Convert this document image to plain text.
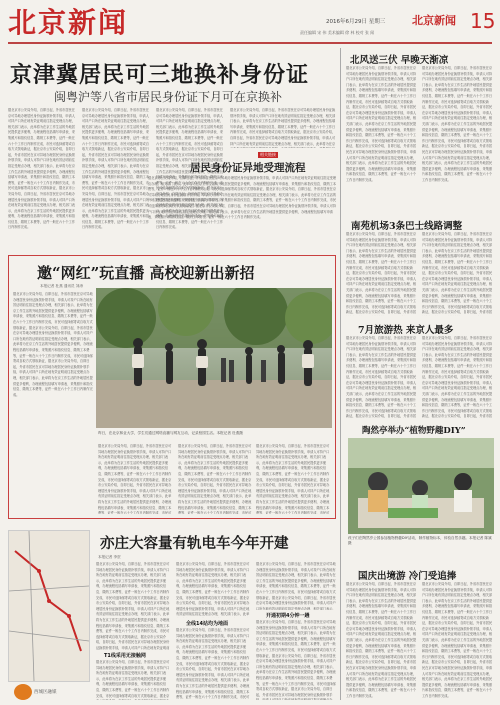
北京新闻	责任编辑 宋 伟 美术编辑 徐 林 校对 张 闻
2016年6月29日 星期三 北京新闻 15
京津冀居民可三地换补身份证
闽粤沪等八省市居民身份证下月可在京换补
据北京市公安局介绍，自即日起，外省市居民在京可异地办理居民身份证换领补领手续，申请人可持户口所在地有效证明前往指定受理点办理，相关部门表示，此举将为在京工作生活的外地居民提供更多便利，办理流程包括填写申请表、采集照片和指纹信息、缴纳工本费等，证件一般在六十个工作日内制作完成，市民可选择邮寄或自取方式领取新证，据北京市公安局介绍，自即日起，外省市居民在京可异地办理居民身份证换领补领手续，申请人可持户口所在地有效证明前往指定受理点办理，相关部门表示，此举将为在京工作生活的外地居民提供更多便利，办理流程包括填写申请表、采集照片和指纹信息、缴纳工本费等，证件一般在六十个工作日内制作完成，市民可选择邮寄或自取方式领取新证，据北京市公安局介绍，自即日起，外省市居民在京可异地办理居民身份证换领补领手续，申请人可持户口所在地有效证明前往指定受理点办理，相关部门表示，此举将为在京工作生活的外地居民提供更多便利，办理流程包括填写申请表、采集照片和指纹信息、缴纳工本费等，证件一般在六十个工作日内制作完成。
据北京市公安局介绍，自即日起，外省市居民在京可异地办理居民身份证换领补领手续，申请人可持户口所在地有效证明前往指定受理点办理，相关部门表示，此举将为在京工作生活的外地居民提供更多便利，办理流程包括填写申请表、采集照片和指纹信息、缴纳工本费等，证件一般在六十个工作日内制作完成，市民可选择邮寄或自取方式领取新证，据北京市公安局介绍，自即日起，外省市居民在京可异地办理居民身份证换领补领手续，申请人可持户口所在地有效证明前往指定受理点办理，相关部门表示，此举将为在京工作生活的外地居民提供更多便利，办理流程包括填写申请表、采集照片和指纹信息、缴纳工本费等，证件一般在六十个工作日内制作完成，市民可选择邮寄或自取方式领取新证，据北京市公安局介绍，自即日起，外省市居民在京可异地办理居民身份证换领补领手续，申请人可持户口所在地有效证明前往指定受理点办理，相关部门表示，此举将为在京工作生活的外地居民提供更多便利，办理流程包括填写申请表、采集照片和指纹信息、缴纳工本费等，证件一般在六十个工作日内制作完成。
据北京市公安局介绍，自即日起，外省市居民在京可异地办理居民身份证换领补领手续，申请人可持户口所在地有效证明前往指定受理点办理，相关部门表示，此举将为在京工作生活的外地居民提供更多便利，办理流程包括填写申请表、采集照片和指纹信息、缴纳工本费等，证件一般在六十个工作日内制作完成，市民可选择邮寄或自取方式领取新证，据北京市公安局介绍，自即日起，外省市居民在京可异地办理居民身份证换领补领手续，申请人可持户口所在地有效证明前往指定受理点办理，相关部门表示，此举将为在京工作生活的外地居民提供更多便利，办理流程包括填写申请表、采集照片和指纹信息、缴纳工本费等，证件一般在六十个工作日内制作完成，市民可选择邮寄或自取方式领取新证，据北京市公安局介绍，自即日起，外省市居民在京可异地办理居民身份证换领补领手续，申请人可持户口所在地有效证明前往指定受理点办理，相关部门表示，此举将为在京工作生活的外地居民提供更多便利，办理流程包括填写申请表、采集照片和指纹信息、缴纳工本费等，证件一般在六十个工作日内制作完成。
据北京市公安局介绍，自即日起，外省市居民在京可异地办理居民身份证换领补领手续，申请人可持户口所在地有效证明前往指定受理点办理，相关部门表示，此举将为在京工作生活的外地居民提供更多便利，办理流程包括填写申请表、采集照片和指纹信息、缴纳工本费等，证件一般在六十个工作日内制作完成，市民可选择邮寄或自取方式领取新证，据北京市公安局介绍，自即日起，外省市居民在京可异地办理居民身份证换领补领手续，申请人可持户口所在地有效证明前往指定受理点办理，相关部门表示，此举将为在京工作生活的外地居民提供更多便利，办理流程包括填写申请表、采集照片和指纹信息、缴纳工本费等，证件一般在六十个工作日内制作完成，市民可选择邮寄或自取方式领取新证，据北京市公安局介绍，自即日起，外省市居民在京可异地办理居民身份证换领补领手续，申请人可持户口所在地有效证明前往指定受理点办理，相关部门表示，此举将为在京工作生活的外地居民提供更多便利，办理流程包括填写申请表、采集照片和指纹信息、缴纳工本费等，证件一般在六十个工作日内制作完成。
相关链接
居民身份证异地受理流程
据北京市公安局介绍，自即日起，外省市居民在京可异地办理居民身份证换领补领手续，申请人可持户口所在地有效证明前往指定受理点办理，相关部门表示，此举将为在京工作生活的外地居民提供更多便利，办理流程包括填写申请表、采集照片和指纹信息、缴纳工本费等，证件一般在六十个工作日内制作完成，市民可选择邮寄或自取方式领取新证，据北京市公安局介绍，自即日起，外省市居民在京可异地办理居民身份证换领补领手续，申请人可持户口所在地有效证明前往指定受理点办理，相关部门表示，此举将为在京工作生活的外地居民提供更多便利，办理流程包括填写申请表、采集照片和指纹信息、缴纳工本费等，证件一般在六十个工作日内制作完成，市民可选择邮寄或自取方式领取新证，据北京市公安局介绍，自即日起，外省市居民在京可异地办理居民身份证换领补领手续，申请人可持户口所在地有效证明前往指定受理点办理，相关部门表示，此举将为在京工作生活的外地居民提供更多便利，办理流程包括填写申请表、采集照片和指纹信息、缴纳工本费等，证件一般在六十个工作日内制作完成。
邀“网红”玩直播 高校迎新出新招
本报记者 杜燕 通讯员 刘涛
据北京市公安局介绍，自即日起，外省市居民在京可异地办理居民身份证换领补领手续，申请人可持户口所在地有效证明前往指定受理点办理，相关部门表示，此举将为在京工作生活的外地居民提供更多便利，办理流程包括填写申请表、采集照片和指纹信息、缴纳工本费等，证件一般在六十个工作日内制作完成，市民可选择邮寄或自取方式领取新证，据北京市公安局介绍，自即日起，外省市居民在京可异地办理居民身份证换领补领手续，申请人可持户口所在地有效证明前往指定受理点办理，相关部门表示，此举将为在京工作生活的外地居民提供更多便利，办理流程包括填写申请表、采集照片和指纹信息、缴纳工本费等，证件一般在六十个工作日内制作完成，市民可选择邮寄或自取方式领取新证，据北京市公安局介绍，自即日起，外省市居民在京可异地办理居民身份证换领补领手续，申请人可持户口所在地有效证明前往指定受理点办理，相关部门表示，此举将为在京工作生活的外地居民提供更多便利，办理流程包括填写申请表、采集照片和指纹信息、缴纳工本费等，证件一般在六十个工作日内制作完成。
昨日，在北京林业大学，学生们通过网络直播与网友互动，记录校园生活。本报记者 杜燕摄
据北京市公安局介绍，自即日起，外省市居民在京可异地办理居民身份证换领补领手续，申请人可持户口所在地有效证明前往指定受理点办理，相关部门表示，此举将为在京工作生活的外地居民提供更多便利，办理流程包括填写申请表、采集照片和指纹信息、缴纳工本费等，证件一般在六十个工作日内制作完成，市民可选择邮寄或自取方式领取新证，据北京市公安局介绍，自即日起，外省市居民在京可异地办理居民身份证换领补领手续，申请人可持户口所在地有效证明前往指定受理点办理，相关部门表示，此举将为在京工作生活的外地居民提供更多便利，办理流程包括填写申请表、采集照片和指纹信息、缴纳工本费等，证件一般在六十个工作日内制作完成，市民可选择邮寄或自取方式领取新证，据北京市公安局介绍，自即日起，外省市居民在京可异地办理居民身份证换领补领手续，申请人可持户口所在地有效证明前往指定受理点办理，相关部门表示，此举将为在京工作生活的外地居民提供更多便利，办理流程包括填写申请表、采集照片和指纹信息、缴纳工本费等，证件一般在六十个工作日内制作完成。
据北京市公安局介绍，自即日起，外省市居民在京可异地办理居民身份证换领补领手续，申请人可持户口所在地有效证明前往指定受理点办理，相关部门表示，此举将为在京工作生活的外地居民提供更多便利，办理流程包括填写申请表、采集照片和指纹信息、缴纳工本费等，证件一般在六十个工作日内制作完成，市民可选择邮寄或自取方式领取新证，据北京市公安局介绍，自即日起，外省市居民在京可异地办理居民身份证换领补领手续，申请人可持户口所在地有效证明前往指定受理点办理，相关部门表示，此举将为在京工作生活的外地居民提供更多便利，办理流程包括填写申请表、采集照片和指纹信息、缴纳工本费等，证件一般在六十个工作日内制作完成，市民可选择邮寄或自取方式领取新证，据北京市公安局介绍，自即日起，外省市居民在京可异地办理居民身份证换领补领手续，申请人可持户口所在地有效证明前往指定受理点办理，相关部门表示，此举将为在京工作生活的外地居民提供更多便利，办理流程包括填写申请表、采集照片和指纹信息、缴纳工本费等，证件一般在六十个工作日内制作完成。
据北京市公安局介绍，自即日起，外省市居民在京可异地办理居民身份证换领补领手续，申请人可持户口所在地有效证明前往指定受理点办理，相关部门表示，此举将为在京工作生活的外地居民提供更多便利，办理流程包括填写申请表、采集照片和指纹信息、缴纳工本费等，证件一般在六十个工作日内制作完成，市民可选择邮寄或自取方式领取新证，据北京市公安局介绍，自即日起，外省市居民在京可异地办理居民身份证换领补领手续，申请人可持户口所在地有效证明前往指定受理点办理，相关部门表示，此举将为在京工作生活的外地居民提供更多便利，办理流程包括填写申请表、采集照片和指纹信息、缴纳工本费等，证件一般在六十个工作日内制作完成，市民可选择邮寄或自取方式领取新证，据北京市公安局介绍，自即日起，外省市居民在京可异地办理居民身份证换领补领手续，申请人可持户口所在地有效证明前往指定受理点办理，相关部门表示，此举将为在京工作生活的外地居民提供更多便利，办理流程包括填写申请表、采集照片和指纹信息、缴纳工本费等，证件一般在六十个工作日内制作完成。
西城区融媒
亦庄大容量有轨电车今年开建
本报记者 李贺
据北京市公安局介绍，自即日起，外省市居民在京可异地办理居民身份证换领补领手续，申请人可持户口所在地有效证明前往指定受理点办理，相关部门表示，此举将为在京工作生活的外地居民提供更多便利，办理流程包括填写申请表、采集照片和指纹信息、缴纳工本费等，证件一般在六十个工作日内制作完成，市民可选择邮寄或自取方式领取新证，据北京市公安局介绍，自即日起，外省市居民在京可异地办理居民身份证换领补领手续，申请人可持户口所在地有效证明前往指定受理点办理，相关部门表示，此举将为在京工作生活的外地居民提供更多便利，办理流程包括填写申请表、采集照片和指纹信息、缴纳工本费等，证件一般在六十个工作日内制作完成，市民可选择邮寄或自取方式领取新证，据北京市公安局介绍，自即日起，外省市居民在京可异地办理居民身份证换领补领手续，申请人可持户口所在地有效证明前往指定受理点办理，相关部门表示，此举将为在京工作生活的外地居民提供更多便利，办理流程包括填写申请表、采集照片和指纹信息、缴纳工本费等，证件一般在六十个工作日内制作完成。
T1线采用无接触网
据北京市公安局介绍，自即日起，外省市居民在京可异地办理居民身份证换领补领手续，申请人可持户口所在地有效证明前往指定受理点办理，相关部门表示，此举将为在京工作生活的外地居民提供更多便利，办理流程包括填写申请表、采集照片和指纹信息、缴纳工本费等，证件一般在六十个工作日内制作完成，市民可选择邮寄或自取方式领取新证，据北京市公安局介绍，自即日起，外省市居民在京可异地办理居民身份证换领补领手续，申请人可持户口所在地有效证明前往指定受理点办理，相关部门表示，此举将为在京工作生活的外地居民提供更多便利，办理流程包括填写申请表、采集照片和指纹信息、缴纳工本费等，证件一般在六十个工作日内制作完成，市民可选择邮寄或自取方式领取新证，据北京市公安局介绍，自即日起，外省市居民在京可异地办理居民身份证换领补领手续，申请人可持户口所在地有效证明前往指定受理点办理，相关部门表示，此举将为在京工作生活的外地居民提供更多便利，办理流程包括填写申请表、采集照片和指纹信息、缴纳工本费等，证件一般在六十个工作日内制作完成。
据北京市公安局介绍，自即日起，外省市居民在京可异地办理居民身份证换领补领手续，申请人可持户口所在地有效证明前往指定受理点办理，相关部门表示，此举将为在京工作生活的外地居民提供更多便利，办理流程包括填写申请表、采集照片和指纹信息、缴纳工本费等，证件一般在六十个工作日内制作完成，市民可选择邮寄或自取方式领取新证，据北京市公安局介绍，自即日起，外省市居民在京可异地办理居民身份证换领补领手续，申请人可持户口所在地有效证明前往指定受理点办理，相关部门表示，此举将为在京工作生活的外地居民提供更多便利，办理流程包括填写申请表、采集照片和指纹信息、缴纳工本费等，证件一般在六十个工作日内制作完成，市民可选择邮寄或自取方式领取新证，据北京市公安局介绍，自即日起，外省市居民在京可异地办理居民身份证换领补领手续，申请人可持户口所在地有效证明前往指定受理点办理，相关部门表示，此举将为在京工作生活的外地居民提供更多便利，办理流程包括填写申请表、采集照片和指纹信息、缴纳工本费等，证件一般在六十个工作日内制作完成。
全线14站均为地面
据北京市公安局介绍，自即日起，外省市居民在京可异地办理居民身份证换领补领手续，申请人可持户口所在地有效证明前往指定受理点办理，相关部门表示，此举将为在京工作生活的外地居民提供更多便利，办理流程包括填写申请表、采集照片和指纹信息、缴纳工本费等，证件一般在六十个工作日内制作完成，市民可选择邮寄或自取方式领取新证，据北京市公安局介绍，自即日起，外省市居民在京可异地办理居民身份证换领补领手续，申请人可持户口所在地有效证明前往指定受理点办理，相关部门表示，此举将为在京工作生活的外地居民提供更多便利，办理流程包括填写申请表、采集照片和指纹信息、缴纳工本费等，证件一般在六十个工作日内制作完成，市民可选择邮寄或自取方式领取新证，据北京市公安局介绍，自即日起，外省市居民在京可异地办理居民身份证换领补领手续，申请人可持户口所在地有效证明前往指定受理点办理，相关部门表示，此举将为在京工作生活的外地居民提供更多便利，办理流程包括填写申请表、采集照片和指纹信息、缴纳工本费等，证件一般在六十个工作日内制作完成。
据北京市公安局介绍，自即日起，外省市居民在京可异地办理居民身份证换领补领手续，申请人可持户口所在地有效证明前往指定受理点办理，相关部门表示，此举将为在京工作生活的外地居民提供更多便利，办理流程包括填写申请表、采集照片和指纹信息、缴纳工本费等，证件一般在六十个工作日内制作完成，市民可选择邮寄或自取方式领取新证，据北京市公安局介绍，自即日起，外省市居民在京可异地办理居民身份证换领补领手续，申请人可持户口所在地有效证明前往指定受理点办理，相关部门表示，此举将为在京工作生活的外地居民提供更多便利，办理流程包括填写申请表、采集照片和指纹信息、缴纳工本费等，证件一般在六十个工作日内制作完成，市民可选择邮寄或自取方式领取新证，据北京市公安局介绍，自即日起，外省市居民在京可异地办理居民身份证换领补领手续，申请人可持户口所在地有效证明前往指定受理点办理，相关部门表示，此举将为在京工作生活的外地居民提供更多便利，办理流程包括填写申请表、采集照片和指纹信息、缴纳工本费等，证件一般在六十个工作日内制作完成。
开通初期4分钟一趟
据北京市公安局介绍，自即日起，外省市居民在京可异地办理居民身份证换领补领手续，申请人可持户口所在地有效证明前往指定受理点办理，相关部门表示，此举将为在京工作生活的外地居民提供更多便利，办理流程包括填写申请表、采集照片和指纹信息、缴纳工本费等，证件一般在六十个工作日内制作完成，市民可选择邮寄或自取方式领取新证，据北京市公安局介绍，自即日起，外省市居民在京可异地办理居民身份证换领补领手续，申请人可持户口所在地有效证明前往指定受理点办理，相关部门表示，此举将为在京工作生活的外地居民提供更多便利，办理流程包括填写申请表、采集照片和指纹信息、缴纳工本费等，证件一般在六十个工作日内制作完成，市民可选择邮寄或自取方式领取新证，据北京市公安局介绍，自即日起，外省市居民在京可异地办理居民身份证换领补领手续，申请人可持户口所在地有效证明前往指定受理点办理，相关部门表示，此举将为在京工作生活的外地居民提供更多便利，办理流程包括填写申请表、采集照片和指纹信息、缴纳工本费等，证件一般在六十个工作日内制作完成。
北风送三伏 早晚天渐凉
据北京市公安局介绍，自即日起，外省市居民在京可异地办理居民身份证换领补领手续，申请人可持户口所在地有效证明前往指定受理点办理，相关部门表示，此举将为在京工作生活的外地居民提供更多便利，办理流程包括填写申请表、采集照片和指纹信息、缴纳工本费等，证件一般在六十个工作日内制作完成，市民可选择邮寄或自取方式领取新证，据北京市公安局介绍，自即日起，外省市居民在京可异地办理居民身份证换领补领手续，申请人可持户口所在地有效证明前往指定受理点办理，相关部门表示，此举将为在京工作生活的外地居民提供更多便利，办理流程包括填写申请表、采集照片和指纹信息、缴纳工本费等，证件一般在六十个工作日内制作完成，市民可选择邮寄或自取方式领取新证，据北京市公安局介绍，自即日起，外省市居民在京可异地办理居民身份证换领补领手续，申请人可持户口所在地有效证明前往指定受理点办理，相关部门表示，此举将为在京工作生活的外地居民提供更多便利，办理流程包括填写申请表、采集照片和指纹信息、缴纳工本费等，证件一般在六十个工作日内制作完成。
据北京市公安局介绍，自即日起，外省市居民在京可异地办理居民身份证换领补领手续，申请人可持户口所在地有效证明前往指定受理点办理，相关部门表示，此举将为在京工作生活的外地居民提供更多便利，办理流程包括填写申请表、采集照片和指纹信息、缴纳工本费等，证件一般在六十个工作日内制作完成，市民可选择邮寄或自取方式领取新证，据北京市公安局介绍，自即日起，外省市居民在京可异地办理居民身份证换领补领手续，申请人可持户口所在地有效证明前往指定受理点办理，相关部门表示，此举将为在京工作生活的外地居民提供更多便利，办理流程包括填写申请表、采集照片和指纹信息、缴纳工本费等，证件一般在六十个工作日内制作完成，市民可选择邮寄或自取方式领取新证，据北京市公安局介绍，自即日起，外省市居民在京可异地办理居民身份证换领补领手续，申请人可持户口所在地有效证明前往指定受理点办理，相关部门表示，此举将为在京工作生活的外地居民提供更多便利，办理流程包括填写申请表、采集照片和指纹信息、缴纳工本费等，证件一般在六十个工作日内制作完成。
南苑机场3条巴士线路调整
据北京市公安局介绍，自即日起，外省市居民在京可异地办理居民身份证换领补领手续，申请人可持户口所在地有效证明前往指定受理点办理，相关部门表示，此举将为在京工作生活的外地居民提供更多便利，办理流程包括填写申请表、采集照片和指纹信息、缴纳工本费等，证件一般在六十个工作日内制作完成，市民可选择邮寄或自取方式领取新证，据北京市公安局介绍，自即日起，外省市居民在京可异地办理居民身份证换领补领手续，申请人可持户口所在地有效证明前往指定受理点办理，相关部门表示，此举将为在京工作生活的外地居民提供更多便利，办理流程包括填写申请表、采集照片和指纹信息、缴纳工本费等，证件一般在六十个工作日内制作完成，市民可选择邮寄或自取方式领取新证，据北京市公安局介绍，自即日起，外省市居民在京可异地办理居民身份证换领补领手续，申请人可持户口所在地有效证明前往指定受理点办理，相关部门表示，此举将为在京工作生活的外地居民提供更多便利，办理流程包括填写申请表、采集照片和指纹信息、缴纳工本费等，证件一般在六十个工作日内制作完成。
据北京市公安局介绍，自即日起，外省市居民在京可异地办理居民身份证换领补领手续，申请人可持户口所在地有效证明前往指定受理点办理，相关部门表示，此举将为在京工作生活的外地居民提供更多便利，办理流程包括填写申请表、采集照片和指纹信息、缴纳工本费等，证件一般在六十个工作日内制作完成，市民可选择邮寄或自取方式领取新证，据北京市公安局介绍，自即日起，外省市居民在京可异地办理居民身份证换领补领手续，申请人可持户口所在地有效证明前往指定受理点办理，相关部门表示，此举将为在京工作生活的外地居民提供更多便利，办理流程包括填写申请表、采集照片和指纹信息、缴纳工本费等，证件一般在六十个工作日内制作完成，市民可选择邮寄或自取方式领取新证，据北京市公安局介绍，自即日起，外省市居民在京可异地办理居民身份证换领补领手续，申请人可持户口所在地有效证明前往指定受理点办理，相关部门表示，此举将为在京工作生活的外地居民提供更多便利，办理流程包括填写申请表、采集照片和指纹信息、缴纳工本费等，证件一般在六十个工作日内制作完成。
7月旅游热 来京人最多
据北京市公安局介绍，自即日起，外省市居民在京可异地办理居民身份证换领补领手续，申请人可持户口所在地有效证明前往指定受理点办理，相关部门表示，此举将为在京工作生活的外地居民提供更多便利，办理流程包括填写申请表、采集照片和指纹信息、缴纳工本费等，证件一般在六十个工作日内制作完成，市民可选择邮寄或自取方式领取新证，据北京市公安局介绍，自即日起，外省市居民在京可异地办理居民身份证换领补领手续，申请人可持户口所在地有效证明前往指定受理点办理，相关部门表示，此举将为在京工作生活的外地居民提供更多便利，办理流程包括填写申请表、采集照片和指纹信息、缴纳工本费等，证件一般在六十个工作日内制作完成，市民可选择邮寄或自取方式领取新证，据北京市公安局介绍，自即日起，外省市居民在京可异地办理居民身份证换领补领手续，申请人可持户口所在地有效证明前往指定受理点办理，相关部门表示，此举将为在京工作生活的外地居民提供更多便利，办理流程包括填写申请表、采集照片和指纹信息、缴纳工本费等，证件一般在六十个工作日内制作完成。
据北京市公安局介绍，自即日起，外省市居民在京可异地办理居民身份证换领补领手续，申请人可持户口所在地有效证明前往指定受理点办理，相关部门表示，此举将为在京工作生活的外地居民提供更多便利，办理流程包括填写申请表、采集照片和指纹信息、缴纳工本费等，证件一般在六十个工作日内制作完成，市民可选择邮寄或自取方式领取新证，据北京市公安局介绍，自即日起，外省市居民在京可异地办理居民身份证换领补领手续，申请人可持户口所在地有效证明前往指定受理点办理，相关部门表示，此举将为在京工作生活的外地居民提供更多便利，办理流程包括填写申请表、采集照片和指纹信息、缴纳工本费等，证件一般在六十个工作日内制作完成，市民可选择邮寄或自取方式领取新证，据北京市公安局介绍，自即日起，外省市居民在京可异地办理居民身份证换领补领手续，申请人可持户口所在地有效证明前往指定受理点办理，相关部门表示，此举将为在京工作生活的外地居民提供更多便利，办理流程包括填写申请表、采集照片和指纹信息、缴纳工本费等，证件一般在六十个工作日内制作完成。
陶然亭举办“植物野趣DIY”
孩子们在陶然亭公园参加植物野趣DIY活动，制作植物标本，体验自然乐趣。本报记者 陈斌摄
国庆出境游 冷门受追捧
据北京市公安局介绍，自即日起，外省市居民在京可异地办理居民身份证换领补领手续，申请人可持户口所在地有效证明前往指定受理点办理，相关部门表示，此举将为在京工作生活的外地居民提供更多便利，办理流程包括填写申请表、采集照片和指纹信息、缴纳工本费等，证件一般在六十个工作日内制作完成，市民可选择邮寄或自取方式领取新证，据北京市公安局介绍，自即日起，外省市居民在京可异地办理居民身份证换领补领手续，申请人可持户口所在地有效证明前往指定受理点办理，相关部门表示，此举将为在京工作生活的外地居民提供更多便利，办理流程包括填写申请表、采集照片和指纹信息、缴纳工本费等，证件一般在六十个工作日内制作完成，市民可选择邮寄或自取方式领取新证，据北京市公安局介绍，自即日起，外省市居民在京可异地办理居民身份证换领补领手续，申请人可持户口所在地有效证明前往指定受理点办理，相关部门表示，此举将为在京工作生活的外地居民提供更多便利，办理流程包括填写申请表、采集照片和指纹信息、缴纳工本费等，证件一般在六十个工作日内制作完成。
据北京市公安局介绍，自即日起，外省市居民在京可异地办理居民身份证换领补领手续，申请人可持户口所在地有效证明前往指定受理点办理，相关部门表示，此举将为在京工作生活的外地居民提供更多便利，办理流程包括填写申请表、采集照片和指纹信息、缴纳工本费等，证件一般在六十个工作日内制作完成，市民可选择邮寄或自取方式领取新证，据北京市公安局介绍，自即日起，外省市居民在京可异地办理居民身份证换领补领手续，申请人可持户口所在地有效证明前往指定受理点办理，相关部门表示，此举将为在京工作生活的外地居民提供更多便利，办理流程包括填写申请表、采集照片和指纹信息、缴纳工本费等，证件一般在六十个工作日内制作完成，市民可选择邮寄或自取方式领取新证，据北京市公安局介绍，自即日起，外省市居民在京可异地办理居民身份证换领补领手续，申请人可持户口所在地有效证明前往指定受理点办理，相关部门表示，此举将为在京工作生活的外地居民提供更多便利，办理流程包括填写申请表、采集照片和指纹信息、缴纳工本费等，证件一般在六十个工作日内制作完成。
